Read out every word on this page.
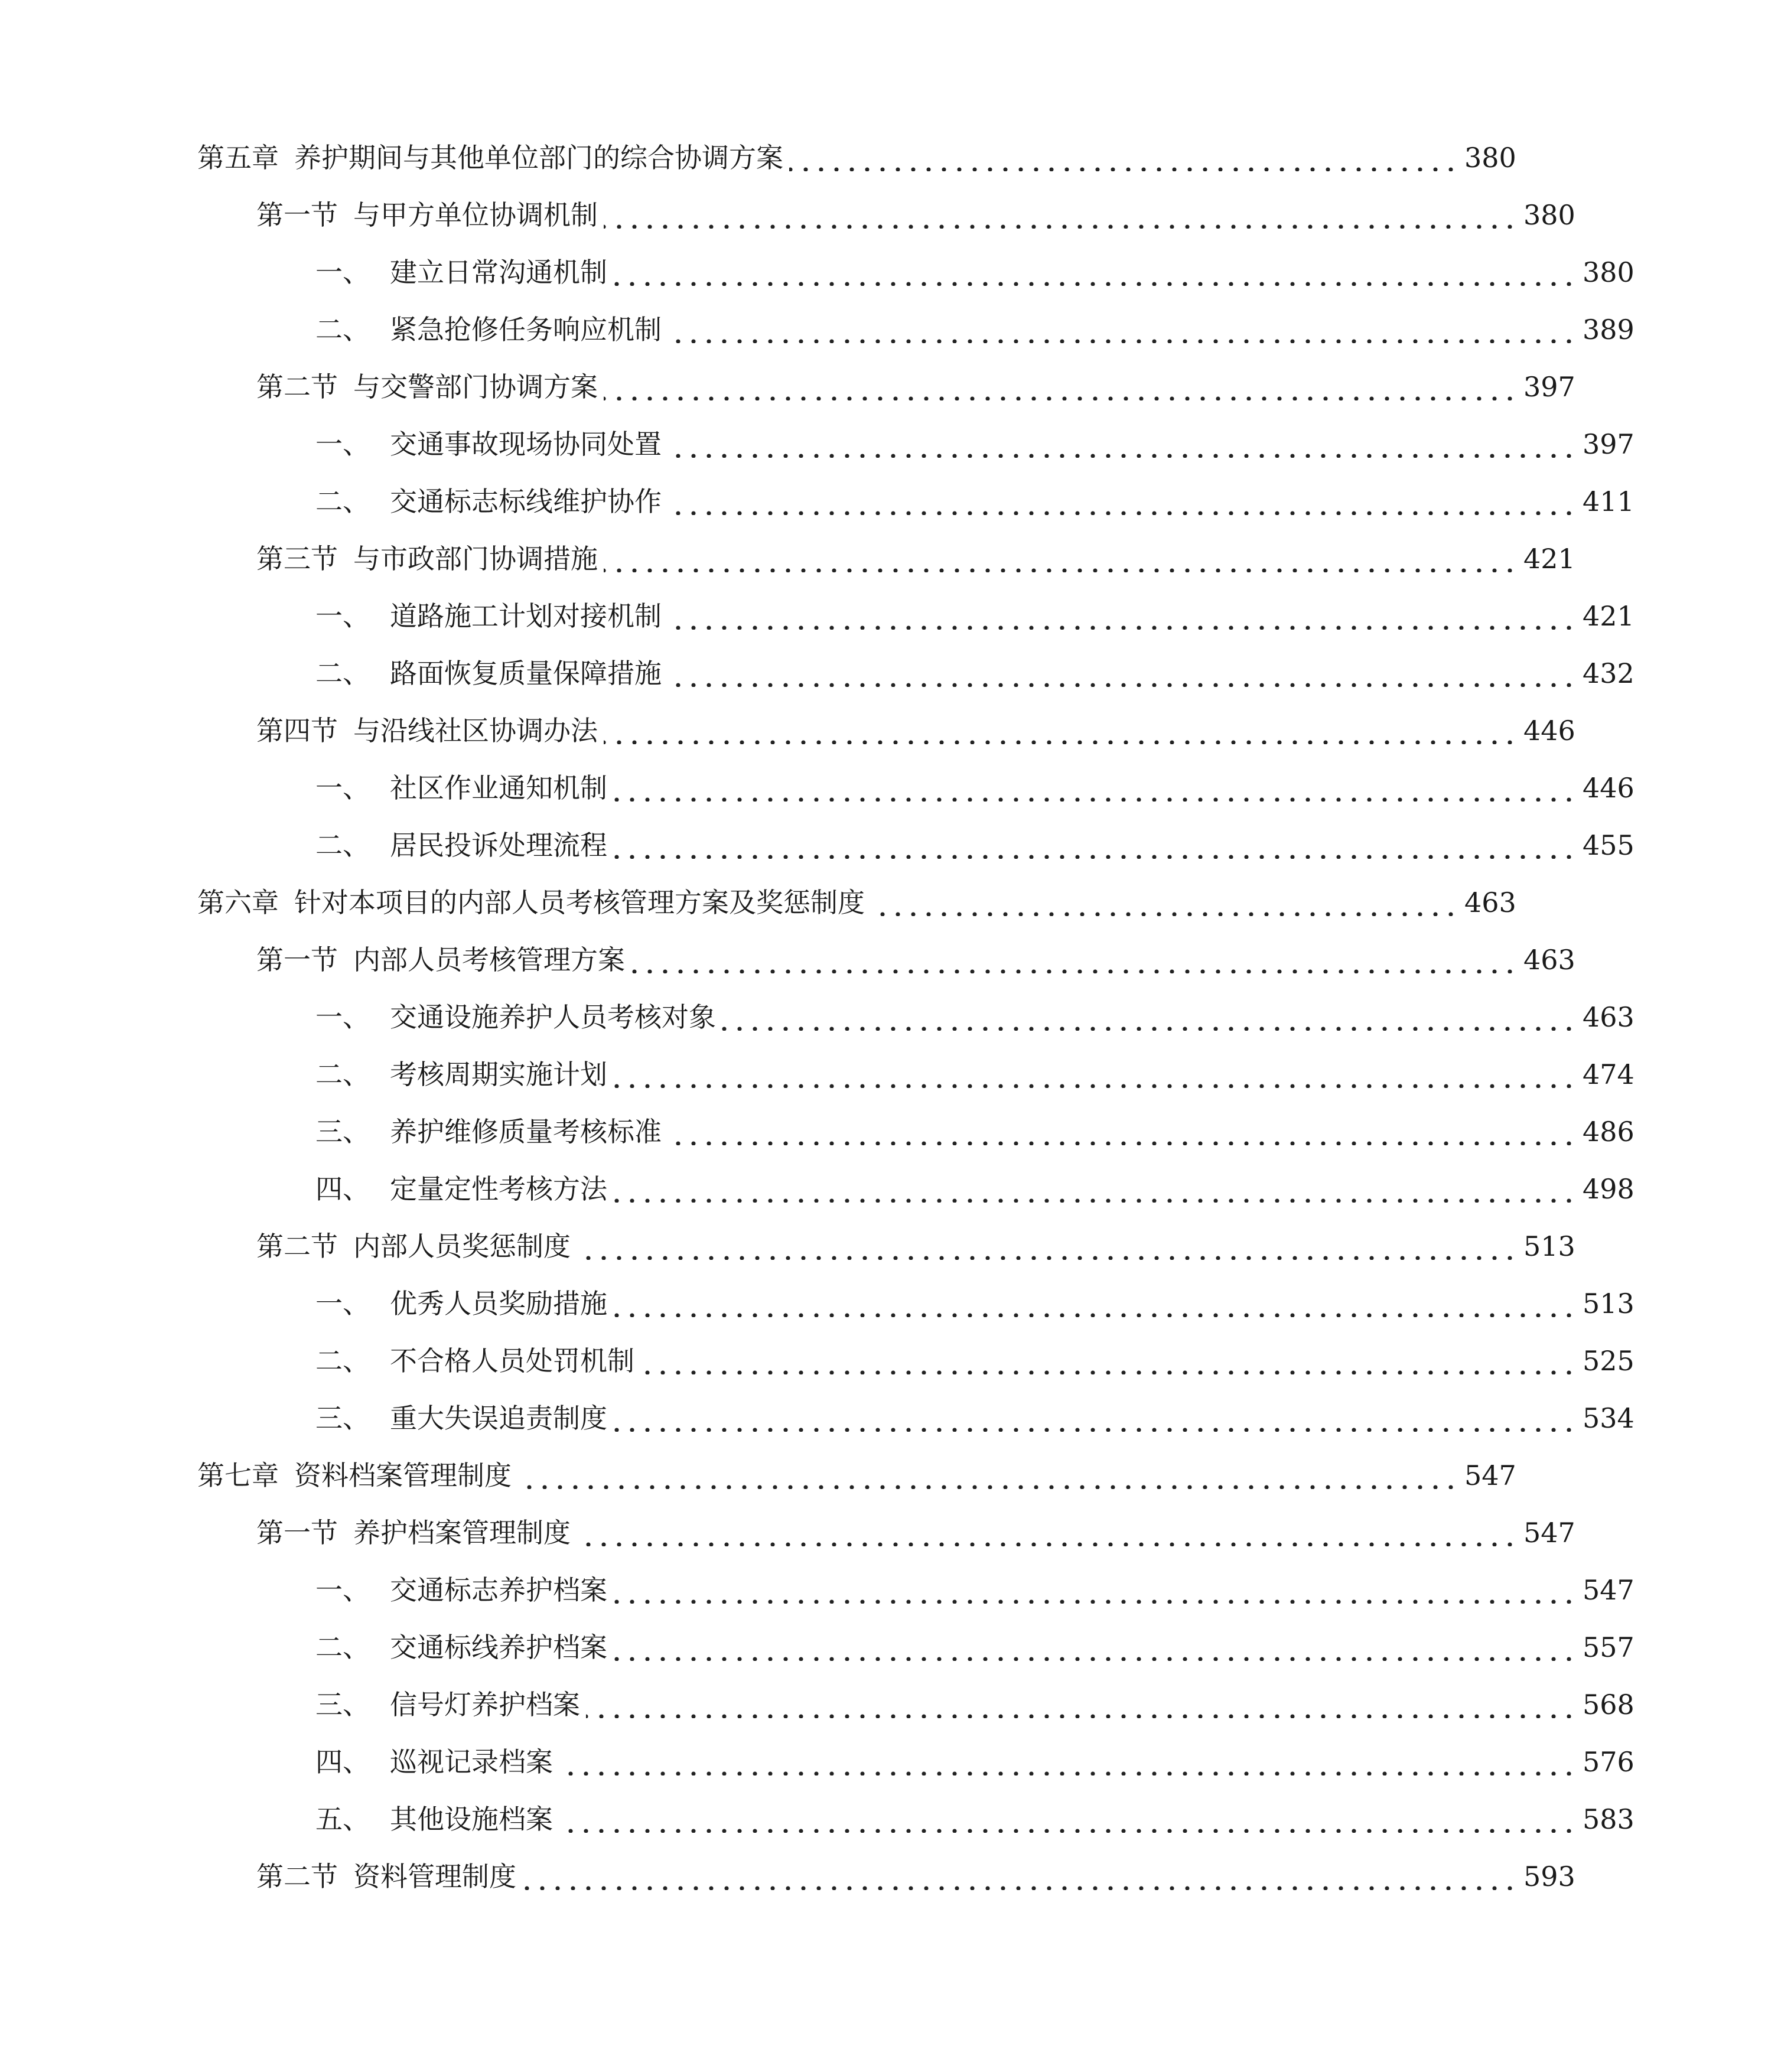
第五章 养护期间与其他单位部门的综合协调方案	380
第一节 与甲方单位协调机制	380
一、 建立日常沟通机制	380
二、 紧急抢修任务响应机制	389
第二节 与交警部门协调方案	397
一、 交通事故现场协同处置	397
二、 交通标志标线维护协作	411
第三节 与市政部门协调措施	421
一、 道路施工计划对接机制	421
二、 路面恢复质量保障措施	432
第四节 与沿线社区协调办法	446
一、 社区作业通知机制	446
二、 居民投诉处理流程	455
第六章 针对本项目的内部人员考核管理方案及奖惩制度	463
第一节 内部人员考核管理方案	463
一、 交通设施养护人员考核对象	463
二、 考核周期实施计划	474
三、 养护维修质量考核标准	486
四、 定量定性考核方法	498
第二节 内部人员奖惩制度	513
一、 优秀人员奖励措施	513
二、 不合格人员处罚机制	525
三、 重大失误追责制度	534
第七章 资料档案管理制度	547
第一节 养护档案管理制度	547
一、 交通标志养护档案	547
二、 交通标线养护档案	557
三、 信号灯养护档案	568
四、 巡视记录档案	576
五、 其他设施档案	583
第二节 资料管理制度	593
